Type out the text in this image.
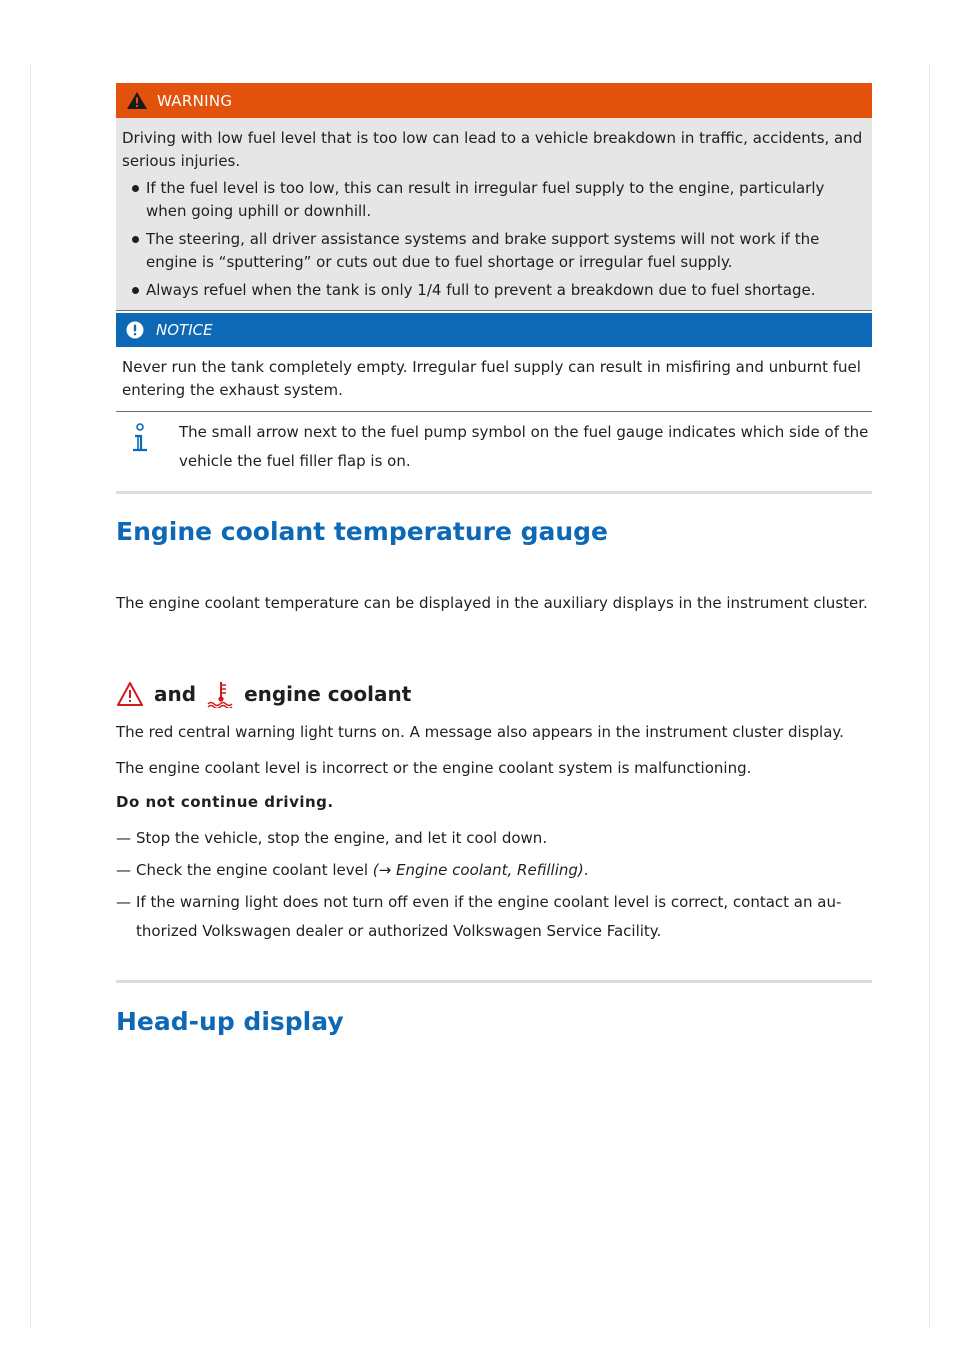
WARNING

Driving with low fuel level that is too low can lead to a vehicle breakdown in traffic, accidents, and serious injuries.

If the fuel level is too low, this can result in irregular fuel supply to the engine, particularly when going uphill or downhill.
The steering, all driver assistance systems and brake support systems will not work if the engine is “sputtering” or cuts out due to fuel shortage or irregular fuel supply.
Always refuel when the tank is only 1/4 full to prevent a breakdown due to fuel shortage.
NOTICE

Never run the tank completely empty. Irregular fuel supply can result in misfiring and unburnt fuel entering the exhaust system.

The small arrow next to the fuel pump symbol on the fuel gauge indicates which side of the vehicle the fuel filler flap is on.

Engine coolant temperature gauge

The engine coolant temperature can be displayed in the auxiliary displays in the instrument cluster.

and engine coolant

The red central warning light turns on. A message also appears in the instrument cluster display.

The engine coolant level is incorrect or the engine coolant system is malfunctioning.

Do not continue driving.

— Stop the vehicle, stop the engine, and let it cool down.
— Check the engine coolant level (→ Engine coolant, Refilling).
— If the warning light does not turn off even if the engine coolant level is correct, contact an au-
thorized Volkswagen dealer or authorized Volkswagen Service Facility.
Head-up display
